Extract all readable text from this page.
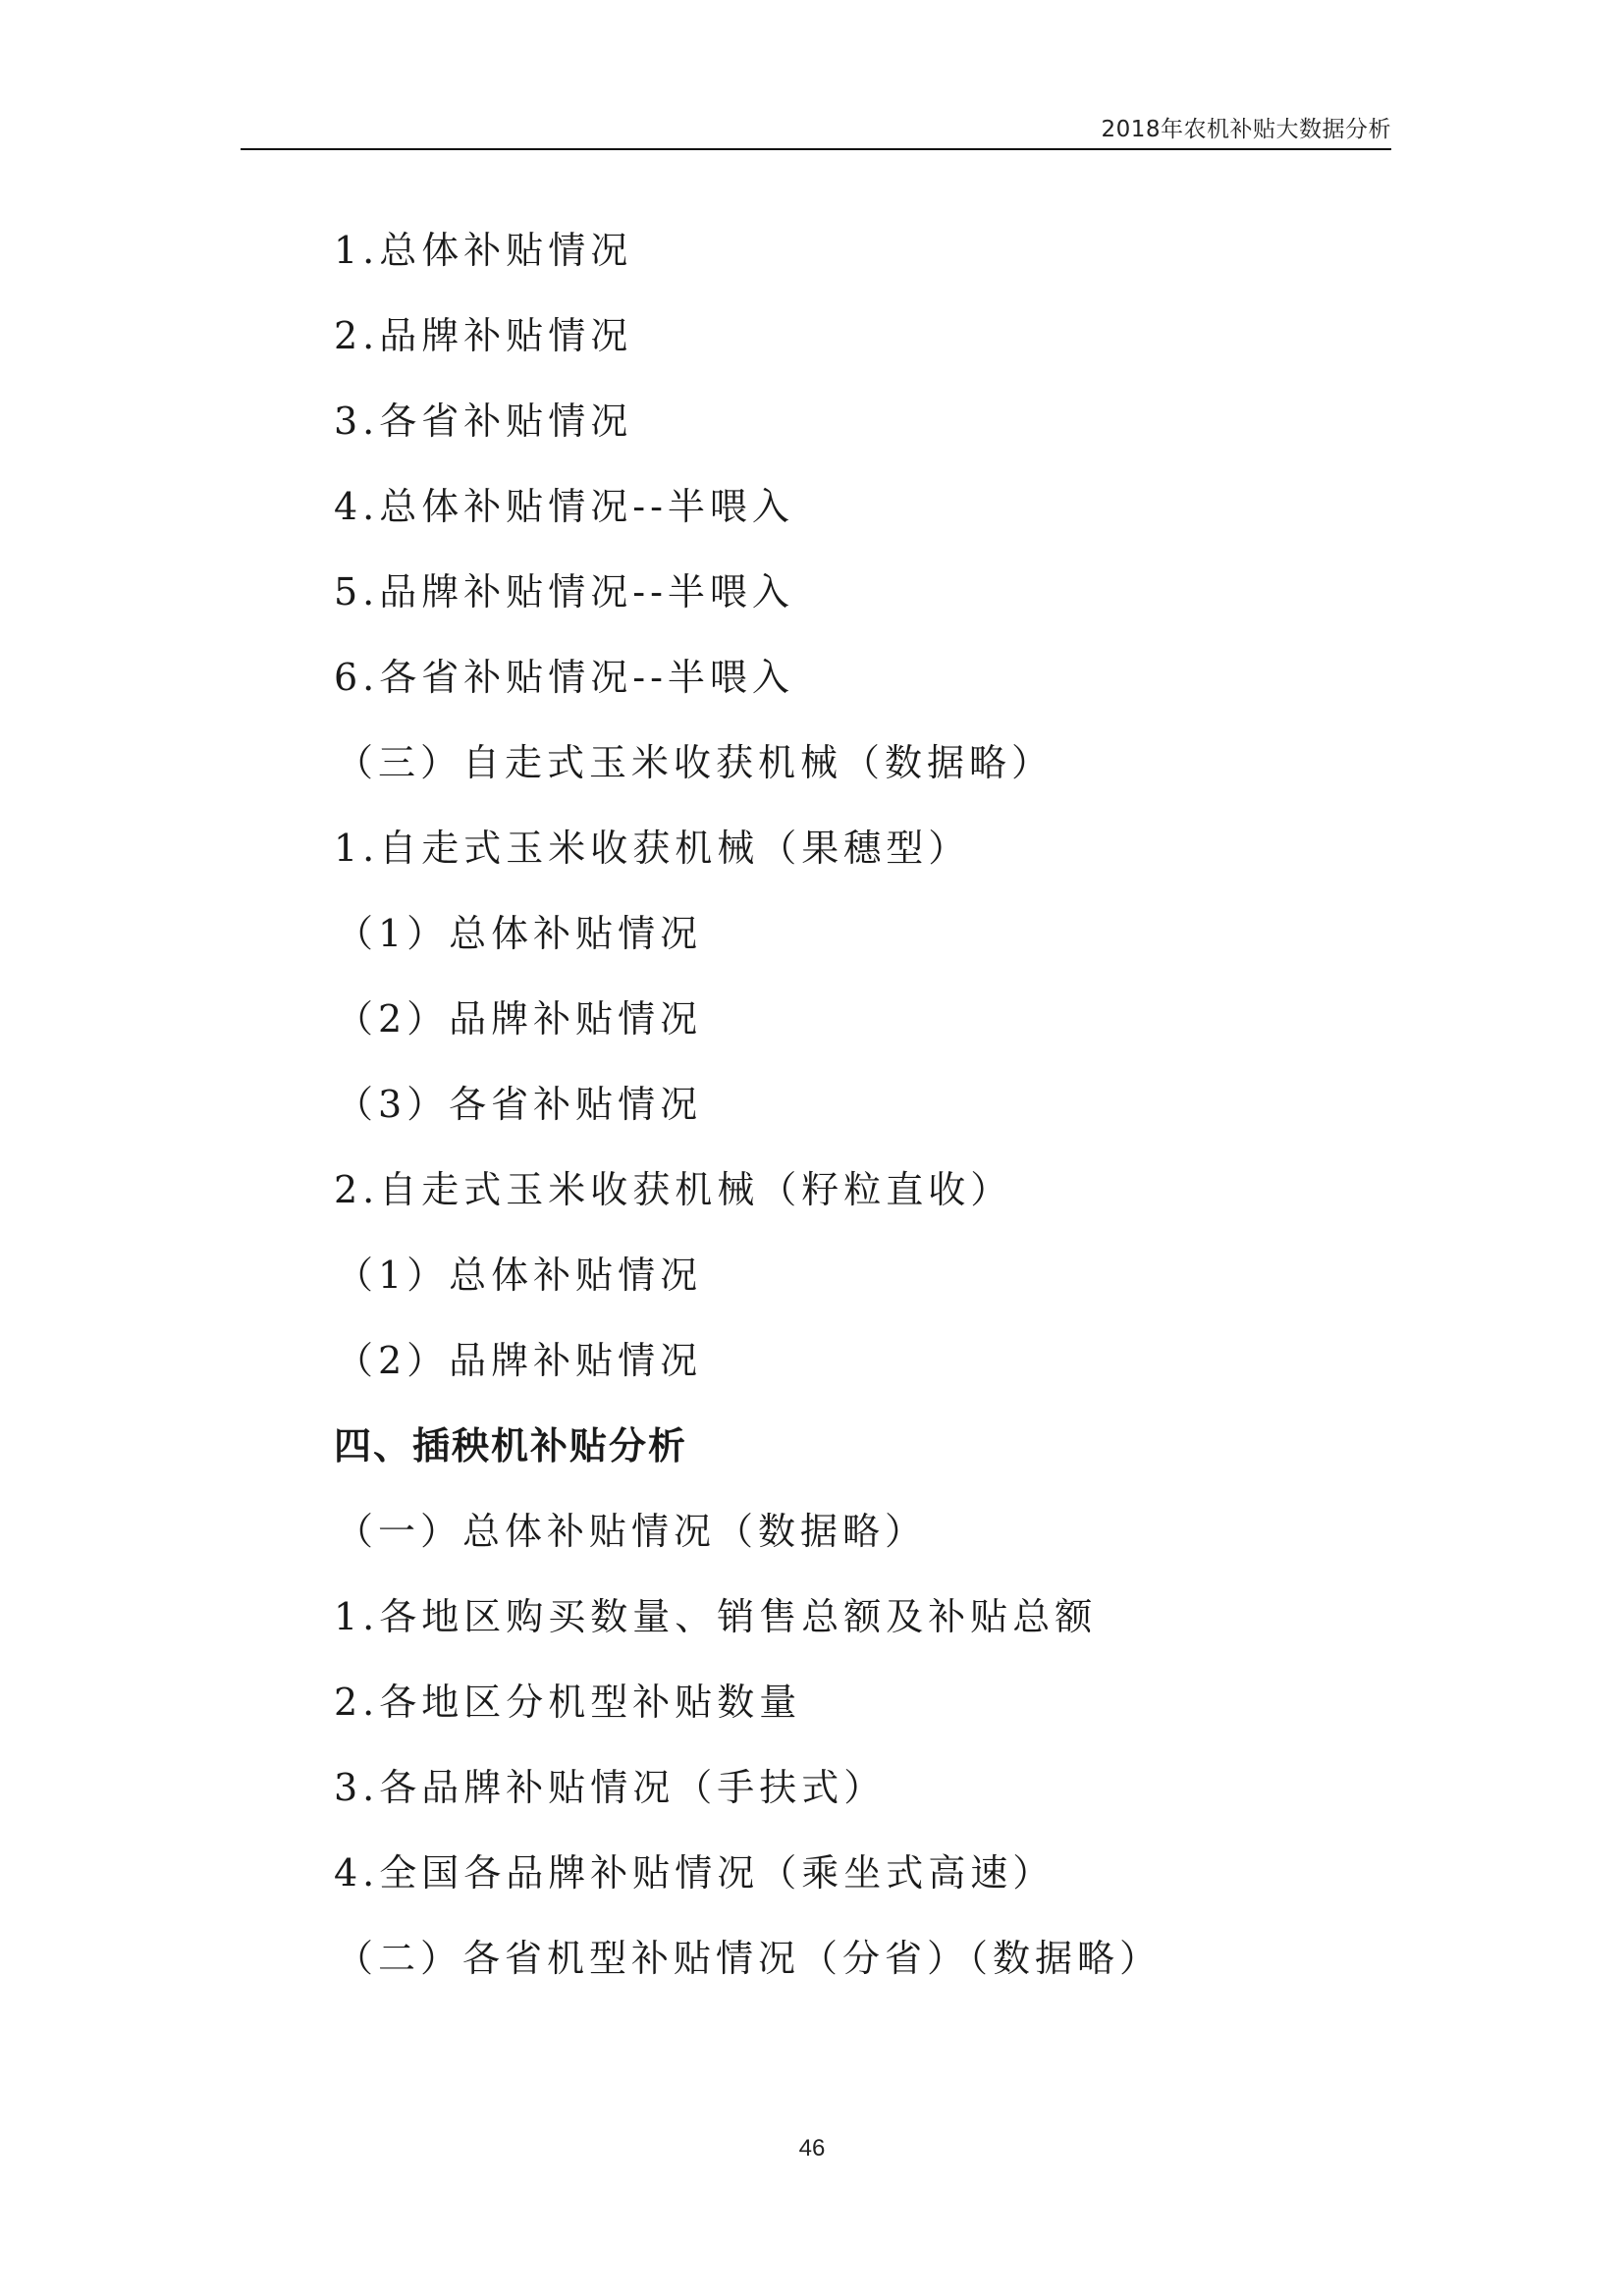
2018年农机补贴大数据分析
1.总体补贴情况
2.品牌补贴情况
3.各省补贴情况
4.总体补贴情况--半喂入
5.品牌补贴情况--半喂入
6.各省补贴情况--半喂入
（三）自走式玉米收获机械（数据略）
1.自走式玉米收获机械（果穗型）
（1）总体补贴情况
（2）品牌补贴情况
（3）各省补贴情况
2.自走式玉米收获机械（籽粒直收）
（1）总体补贴情况
（2）品牌补贴情况
四、插秧机补贴分析
（一）总体补贴情况（数据略）
1.各地区购买数量、销售总额及补贴总额
2.各地区分机型补贴数量
3.各品牌补贴情况（手扶式）
4.全国各品牌补贴情况（乘坐式高速）
（二）各省机型补贴情况（分省）（数据略）
46
